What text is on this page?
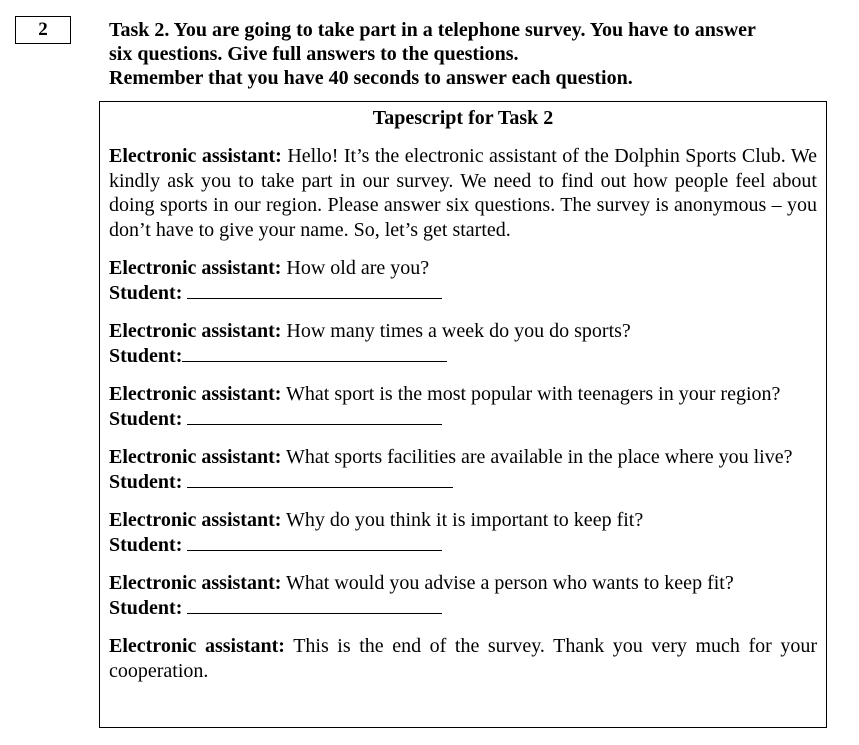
2	Task 2. You are going to take part in a telephone survey. You have to answer
six questions. Give full answers to the questions.
Remember that you have 40 seconds to answer each question.
Tapescript for Task 2
Electronic assistant: Hello! It’s the electronic assistant of the Dolphin Sports Club. We kindly ask you to take part in our survey. We need to find out how people feel about doing sports in our region. Please answer six questions. The survey is anonymous – you don’t have to give your name. So, let’s get started.

Electronic assistant: How old are you?

Student:

Electronic assistant: How many times a week do you do sports?

Student:

Electronic assistant: What sport is the most popular with teenagers in your region?

Student:

Electronic assistant: What sports facilities are available in the place where you live?

Student:

Electronic assistant: Why do you think it is important to keep fit?

Student:

Electronic assistant: What would you advise a person who wants to keep fit?

Student:

Electronic assistant: This is the end of the survey. Thank you very much for your cooperation.
